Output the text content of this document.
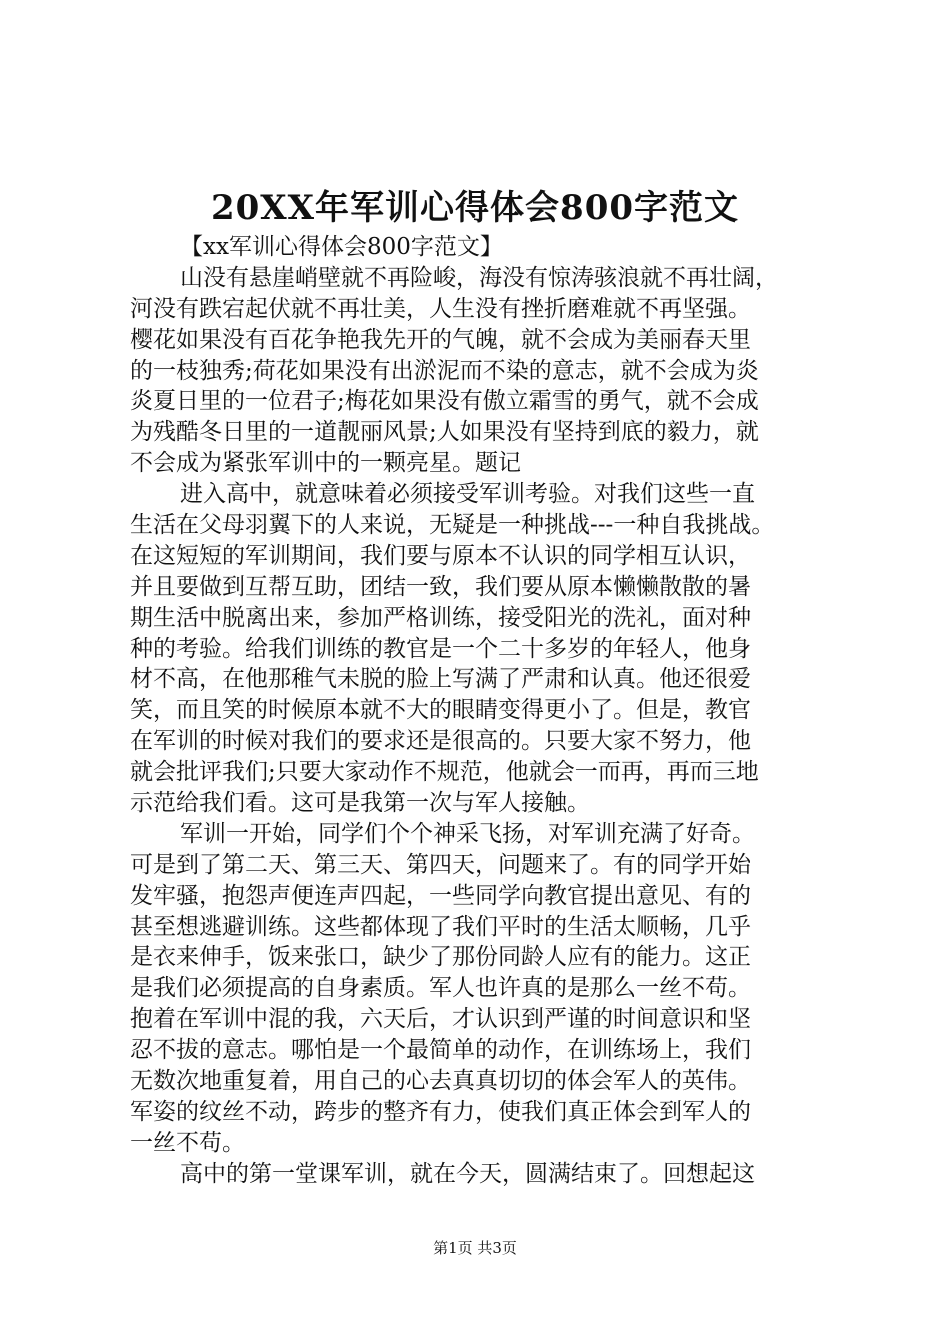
20XX年军训心得体会800字范文
【xx军训心得体会800字范文】
山没有悬崖峭壁就不再险峻，海没有惊涛骇浪就不再壮阔，
河没有跌宕起伏就不再壮美，人生没有挫折磨难就不再坚强。
樱花如果没有百花争艳我先开的气魄，就不会成为美丽春天里
的一枝独秀;荷花如果没有出淤泥而不染的意志，就不会成为炎
炎夏日里的一位君子;梅花如果没有傲立霜雪的勇气，就不会成
为残酷冬日里的一道靓丽风景;人如果没有坚持到底的毅力，就
不会成为紧张军训中的一颗亮星。题记
进入高中，就意味着必须接受军训考验。对我们这些一直
生活在父母羽翼下的人来说，无疑是一种挑战---一种自我挑战。
在这短短的军训期间，我们要与原本不认识的同学相互认识，
并且要做到互帮互助，团结一致，我们要从原本懒懒散散的暑
期生活中脱离出来，参加严格训练，接受阳光的洗礼，面对种
种的考验。给我们训练的教官是一个二十多岁的年轻人，他身
材不高，在他那稚气未脱的脸上写满了严肃和认真。他还很爱
笑，而且笑的时候原本就不大的眼睛变得更小了。但是，教官
在军训的时候对我们的要求还是很高的。只要大家不努力，他
就会批评我们;只要大家动作不规范，他就会一而再，再而三地
示范给我们看。这可是我第一次与军人接触。
军训一开始，同学们个个神采飞扬，对军训充满了好奇。
可是到了第二天、第三天、第四天，问题来了。有的同学开始
发牢骚，抱怨声便连声四起，一些同学向教官提出意见、有的
甚至想逃避训练。这些都体现了我们平时的生活太顺畅，几乎
是衣来伸手，饭来张口，缺少了那份同龄人应有的能力。这正
是我们必须提高的自身素质。军人也许真的是那么一丝不苟。
抱着在军训中混的我，六天后，才认识到严谨的时间意识和坚
忍不拔的意志。哪怕是一个最简单的动作，在训练场上，我们
无数次地重复着，用自己的心去真真切切的体会军人的英伟。
军姿的纹丝不动，跨步的整齐有力，使我们真正体会到军人的
一丝不苟。
高中的第一堂课军训，就在今天，圆满结束了。回想起这
第1页 共3页
